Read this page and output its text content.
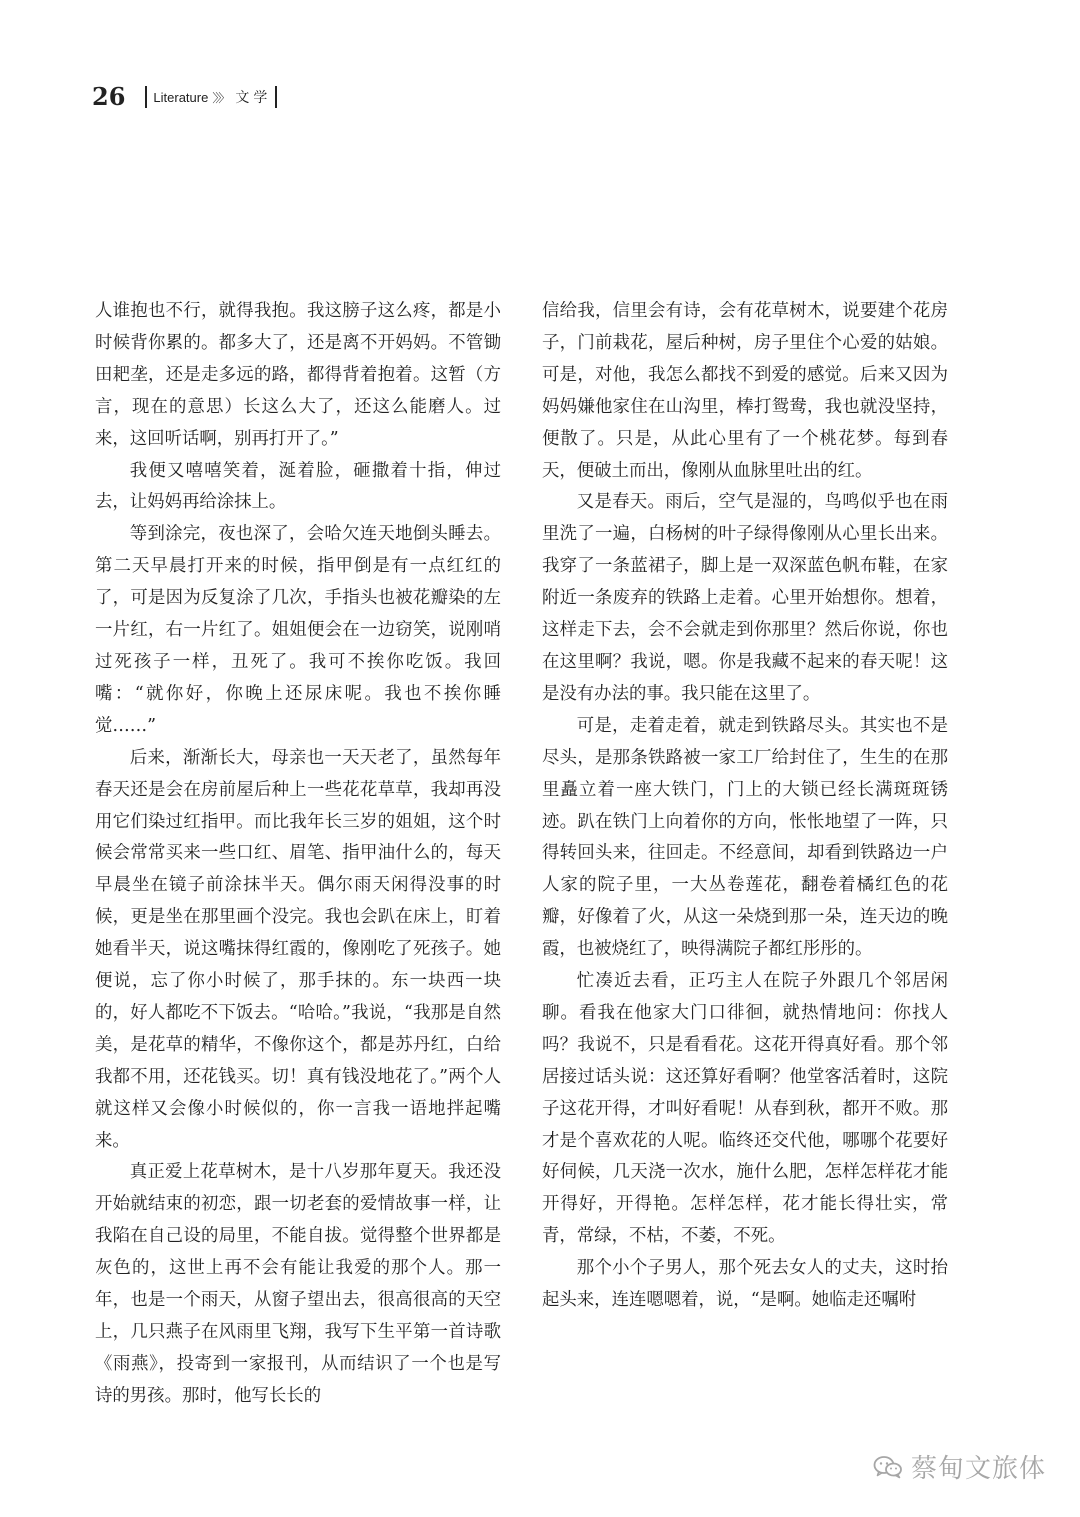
26 Literature 〉〉〉 文学

人谁抱也不行，就得我抱。我这膀子这么疼，都是小时候背你累的。都多大了，还是离不开妈妈。不管锄田耙垄，还是走多远的路，都得背着抱着。这暂（方言，现在的意思）长这么大了，还这么能磨人。过来，这回听话啊，别再打开了。”

我便又嘻嘻笑着，涎着脸，砸撒着十指，伸过去，让妈妈再给涂抹上。

等到涂完，夜也深了，会哈欠连天地倒头睡去。第二天早晨打开来的时候，指甲倒是有一点红红的了，可是因为反复涂了几次，手指头也被花瓣染的左一片红，右一片红了。姐姐便会在一边窃笑，说刚哨过死孩子一样，丑死了。我可不挨你吃饭。我回嘴：“就你好，你晚上还尿床呢。我也不挨你睡觉……”

后来，渐渐长大，母亲也一天天老了，虽然每年春天还是会在房前屋后种上一些花花草草，我却再没用它们染过红指甲。而比我年长三岁的姐姐，这个时候会常常买来一些口红、眉笔、指甲油什么的，每天早晨坐在镜子前涂抹半天。偶尔雨天闲得没事的时候，更是坐在那里画个没完。我也会趴在床上，盯着她看半天，说这嘴抹得红霞的，像刚吃了死孩子。她便说，忘了你小时候了，那手抹的。东一块西一块的，好人都吃不下饭去。“哈哈。”我说，“我那是自然美，是花草的精华，不像你这个，都是苏丹红，白给我都不用，还花钱买。切！真有钱没地花了。”两个人就这样又会像小时候似的，你一言我一语地拌起嘴来。

真正爱上花草树木，是十八岁那年夏天。我还没开始就结束的初恋，跟一切老套的爱情故事一样，让我陷在自己设的局里，不能自拔。觉得整个世界都是灰色的，这世上再不会有能让我爱的那个人。那一年，也是一个雨天，从窗子望出去，很高很高的天空上，几只燕子在风雨里飞翔，我写下生平第一首诗歌《雨燕》，投寄到一家报刊，从而结识了一个也是写诗的男孩。那时，他写长长的

信给我，信里会有诗，会有花草树木，说要建个花房子，门前栽花，屋后种树，房子里住个心爱的姑娘。可是，对他，我怎么都找不到爱的感觉。后来又因为妈妈嫌他家住在山沟里，棒打鸳鸯，我也就没坚持，便散了。只是，从此心里有了一个桃花梦。每到春天，便破土而出，像刚从血脉里吐出的红。

又是春天。雨后，空气是湿的，鸟鸣似乎也在雨里洗了一遍，白杨树的叶子绿得像刚从心里长出来。我穿了一条蓝裙子，脚上是一双深蓝色帆布鞋，在家附近一条废弃的铁路上走着。心里开始想你。想着，这样走下去，会不会就走到你那里？然后你说，你也在这里啊？我说，嗯。你是我藏不起来的春天呢！这是没有办法的事。我只能在这里了。

可是，走着走着，就走到铁路尽头。其实也不是尽头，是那条铁路被一家工厂给封住了，生生的在那里矗立着一座大铁门，门上的大锁已经长满斑斑锈迹。趴在铁门上向着你的方向，怅怅地望了一阵，只得转回头来，往回走。不经意间，却看到铁路边一户人家的院子里，一大丛卷莲花，翻卷着橘红色的花瓣，好像着了火，从这一朵烧到那一朵，连天边的晚霞，也被烧红了，映得满院子都红彤彤的。

忙凑近去看，正巧主人在院子外跟几个邻居闲聊。看我在他家大门口徘徊，就热情地问：你找人吗？我说不，只是看看花。这花开得真好看。那个邻居接过话头说：这还算好看啊？他堂客活着时，这院子这花开得，才叫好看呢！从春到秋，都开不败。那才是个喜欢花的人呢。临终还交代他，哪哪个花要好好伺候，几天浇一次水，施什么肥，怎样怎样花才能开得好，开得艳。怎样怎样，花才能长得壮实，常青，常绿，不枯，不萎，不死。

那个小个子男人，那个死去女人的丈夫，这时抬起头来，连连嗯嗯着，说，“是啊。她临走还嘱咐

蔡甸文旅体
